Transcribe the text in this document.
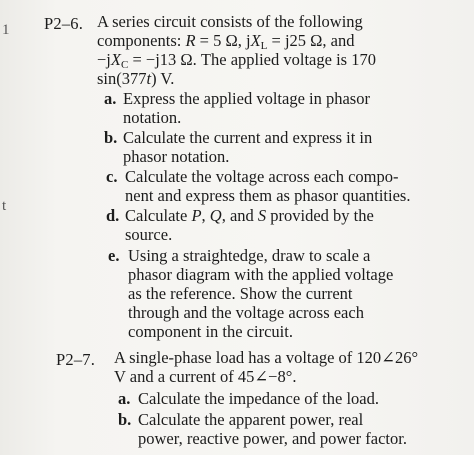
1
t
P2–6. A series circuit consists of the following
components: R = 5 Ω, $jX_L = j25$ Ω, and
$-jX_C = -j13$ Ω. The applied voltage is 170
sin(377t) V.
a. Express the applied voltage in phasor
notation.
b. Calculate the current and express it in
phasor notation.
c. Calculate the voltage across each compo-
nent and express them as phasor quantities.
d. Calculate P, Q, and S provided by the
source.
e. Using a straightedge, draw to scale a
phasor diagram with the applied voltage
as the reference. Show the current
through and the voltage across each
component in the circuit.
P2–7. A single-phase load has a voltage of 120∠26°
V and a current of 45∠−8°.
a. Calculate the impedance of the load.
b. Calculate the apparent power, real
power, reactive power, and power factor.
